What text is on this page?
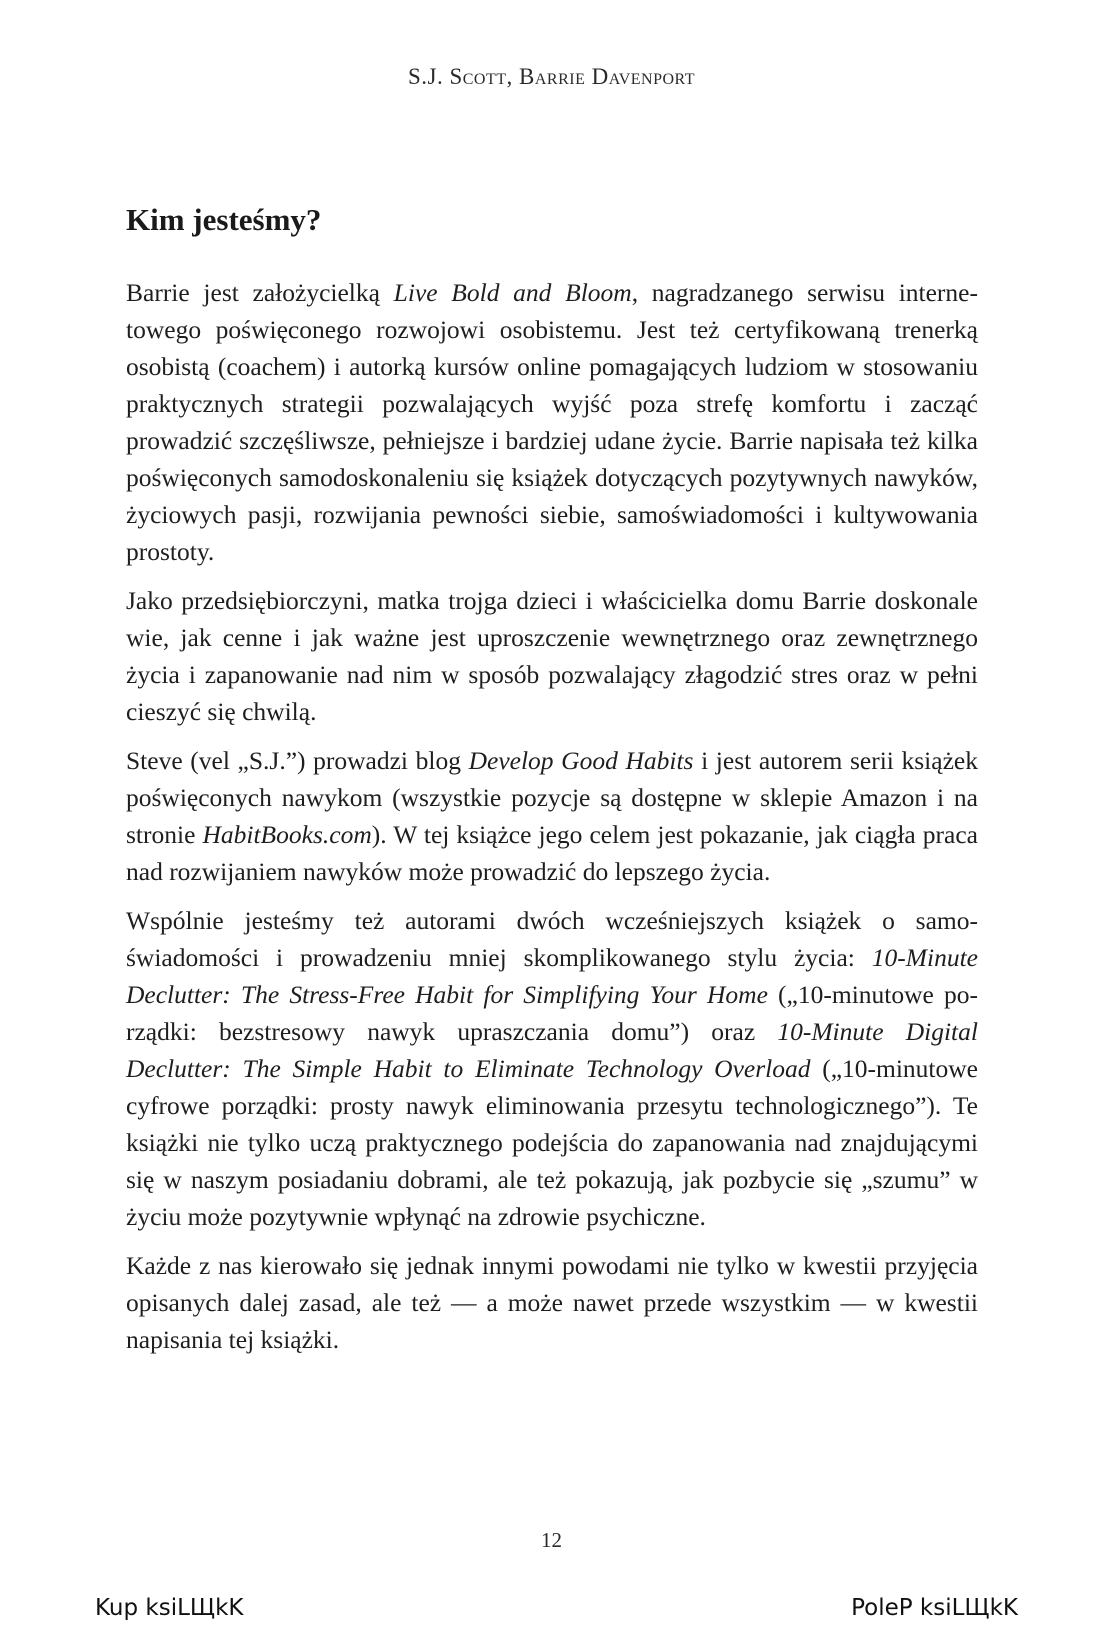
S.J. Scott, Barrie Davenport
Kim jesteśmy?

Barrie jest założycielką Live Bold and Bloom, nagradzanego serwisu internetowego poświęconego rozwojowi osobistemu. Jest też certyfikowaną trenerką osobistą (coachem) i autorką kursów online pomagających ludziom w stosowaniu praktycznych strategii pozwalających wyjść poza strefę komfortu i zacząć prowadzić szczęśliwsze, pełniejsze i bardziej udane życie. Barrie napisała też kilka poświęconych samodoskonaleniu się książek dotyczących pozytywnych nawyków, życiowych pasji, rozwijania pewności siebie, samoświadomości i kultywowania prostoty.

Jako przedsiębiorczyni, matka trojga dzieci i właścicielka domu Barrie doskonale wie, jak cenne i jak ważne jest uproszczenie wewnętrznego oraz zewnętrznego życia i zapanowanie nad nim w sposób pozwalający złagodzić stres oraz w pełni cieszyć się chwilą.

Steve (vel „S.J.”) prowadzi blog Develop Good Habits i jest autorem serii książek poświęconych nawykom (wszystkie pozycje są dostępne w sklepie Amazon i na stronie HabitBooks.com). W tej książce jego celem jest pokazanie, jak ciągła praca nad rozwijaniem nawyków może prowadzić do lepszego życia.

Wspólnie jesteśmy też autorami dwóch wcześniejszych książek o samoświadomości i prowadzeniu mniej skomplikowanego stylu życia: 10-Minute Declutter: The Stress-Free Habit for Simplifying Your Home („10-minutowe porządki: bezstresowy nawyk upraszczania domu”) oraz 10-Minute Digital Declutter: The Simple Habit to Eliminate Technology Overload („10-minutowe cyfrowe porządki: prosty nawyk eliminowania przesytu technologicznego”). Te książki nie tylko uczą praktycznego podejścia do zapanowania nad znajdującymi się w naszym posiadaniu dobrami, ale też pokazują, jak pozbycie się „szumu” w życiu może pozytywnie wpłynąć na zdrowie psychiczne.

Każde z nas kierowało się jednak innymi powodami nie tylko w kwestii przyjęcia opisanych dalej zasad, ale też — a może nawet przede wszystkim — w kwestii napisania tej książki.

12
Kup ksiLЩkK	PoleP ksiLЩkK
